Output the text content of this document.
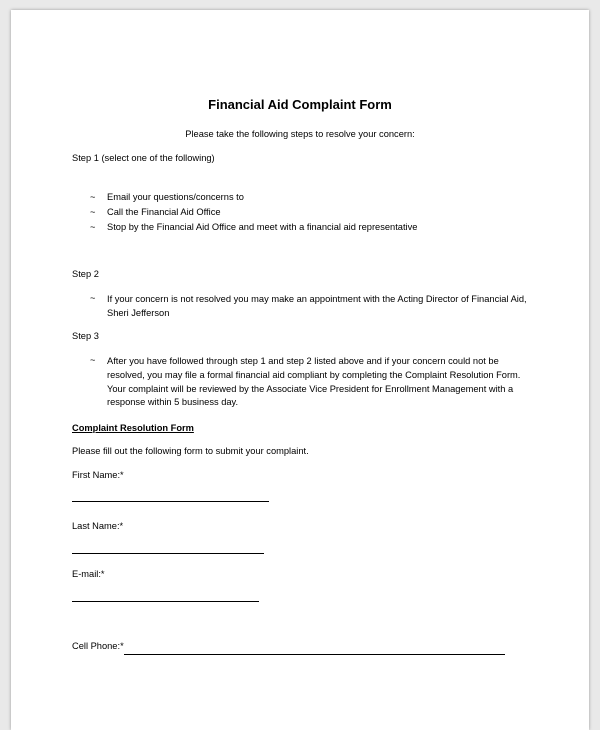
Financial Aid Complaint Form
Please take the following steps to resolve your concern:
Step 1 (select one of the following)
~ Email your questions/concerns to
~ Call the Financial Aid Office
~ Stop by the Financial Aid Office and meet with a financial aid representative
Step 2
~ If your concern is not resolved you may make an appointment with the Acting Director of Financial Aid, Sheri Jefferson
Step 3
~ After you have followed through step 1 and step 2 listed above and if your concern could not be resolved, you may file a formal financial aid compliant by completing the Complaint Resolution Form. Your complaint will be reviewed by the Associate Vice President for Enrollment Management with a response within 5 business day.
Complaint Resolution Form
Please fill out the following form to submit your complaint.
First Name:*
Last Name:*
E-mail:*
Cell Phone:*
